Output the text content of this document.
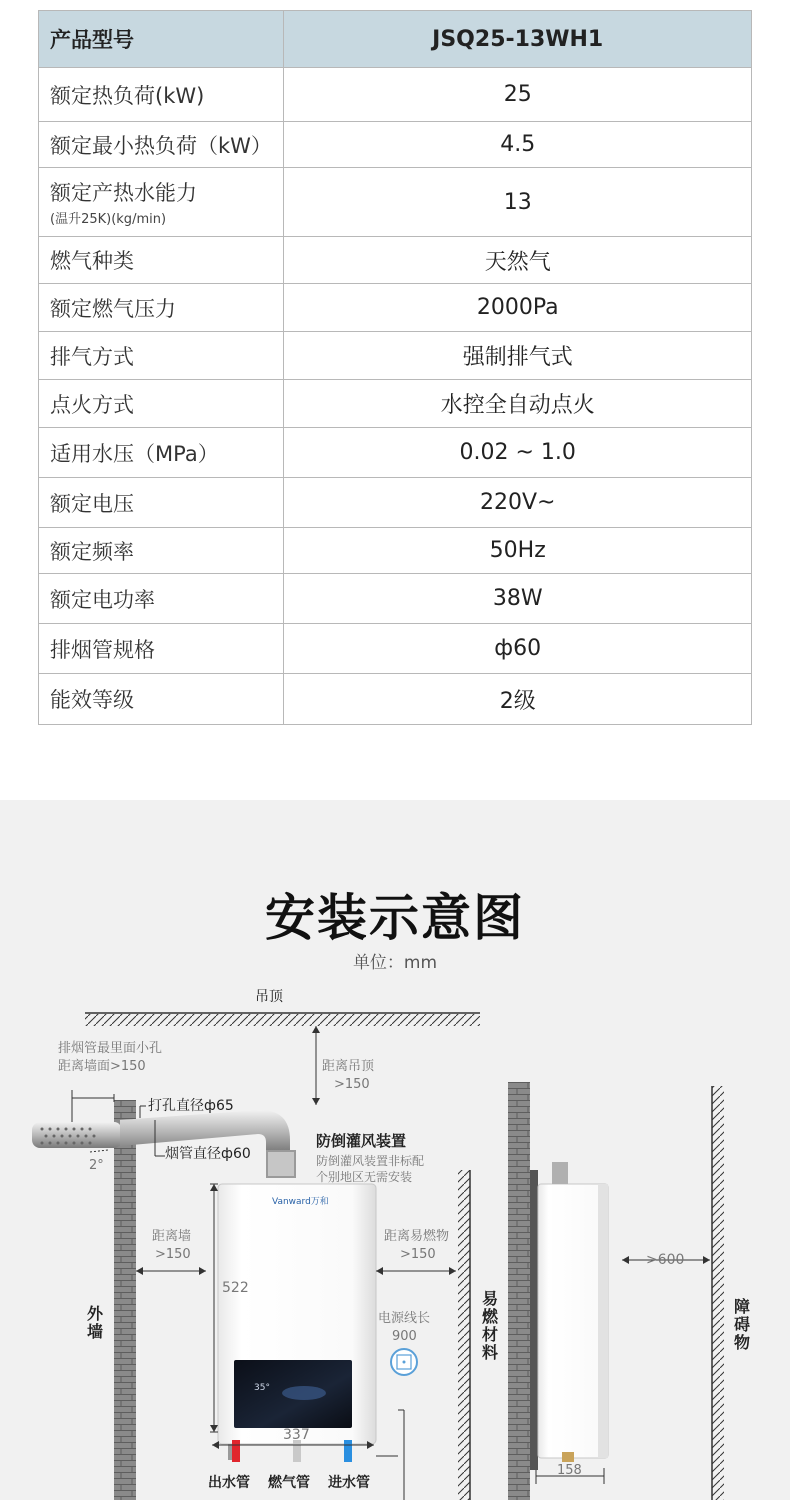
产品型号	JSQ25-13WH1
额定热负荷(kW)	25
额定最小热负荷（kW）	4.5
额定产热水能力
(温升25K)(kg/min)	13
燃气种类	天然气
额定燃气压力	2000Pa
排气方式	强制排气式
点火方式	水控全自动点火
适用水压（MPa）	0.02 ~ 1.0
额定电压	220V~
额定频率	50Hz
额定电功率	38W
排烟管规格	ф60
能效等级	2级
安装示意图
单位：mm
吊顶
排烟管最里面小孔
距离墙面>150	距离吊顶
>150
打孔直径ф65
烟管直径ф60
2°
防倒灌风装置
防倒灌风装置非标配
个别地区无需安装
Vanward万和
距离墙
>150
距离易燃物
>150
522
>600
电源线长
900
35°
337
158
外墙
易燃材料
障碍物
出水管 燃气管 进水管
